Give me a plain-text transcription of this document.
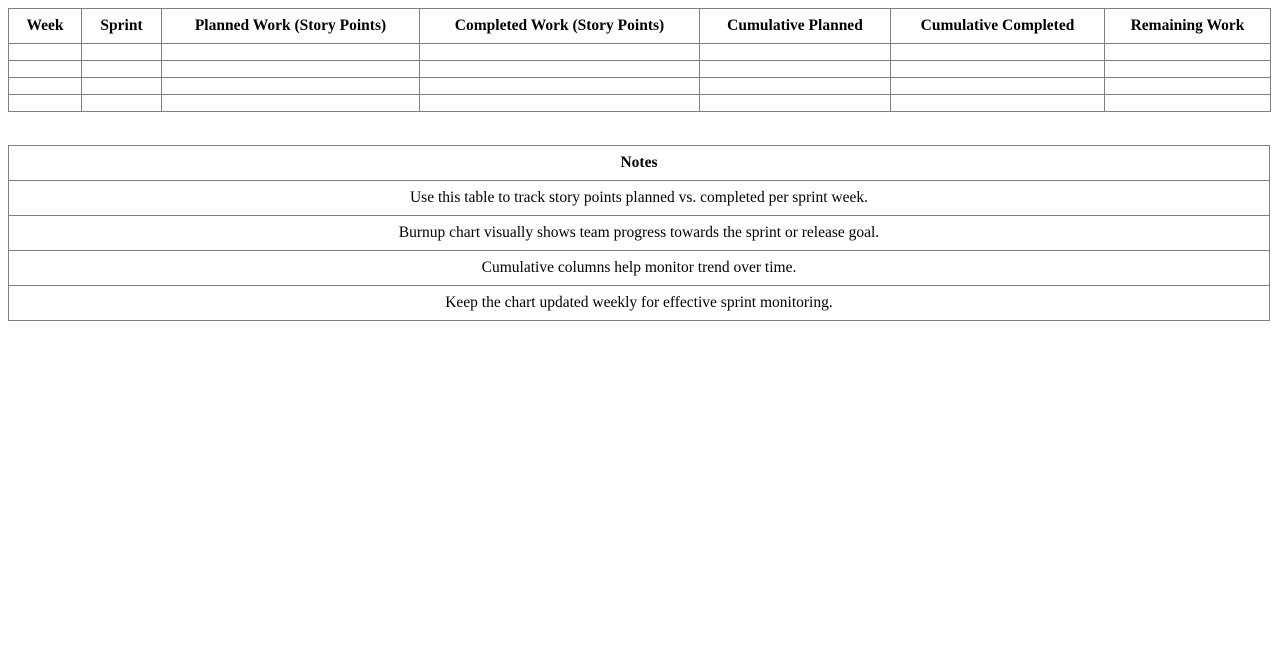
Week	Sprint	Planned Work (Story Points)	Completed Work (Story Points)	Cumulative Planned	Cumulative Completed	Remaining Work

Notes
Use this table to track story points planned vs. completed per sprint week.
Burnup chart visually shows team progress towards the sprint or release goal.
Cumulative columns help monitor trend over time.
Keep the chart updated weekly for effective sprint monitoring.
